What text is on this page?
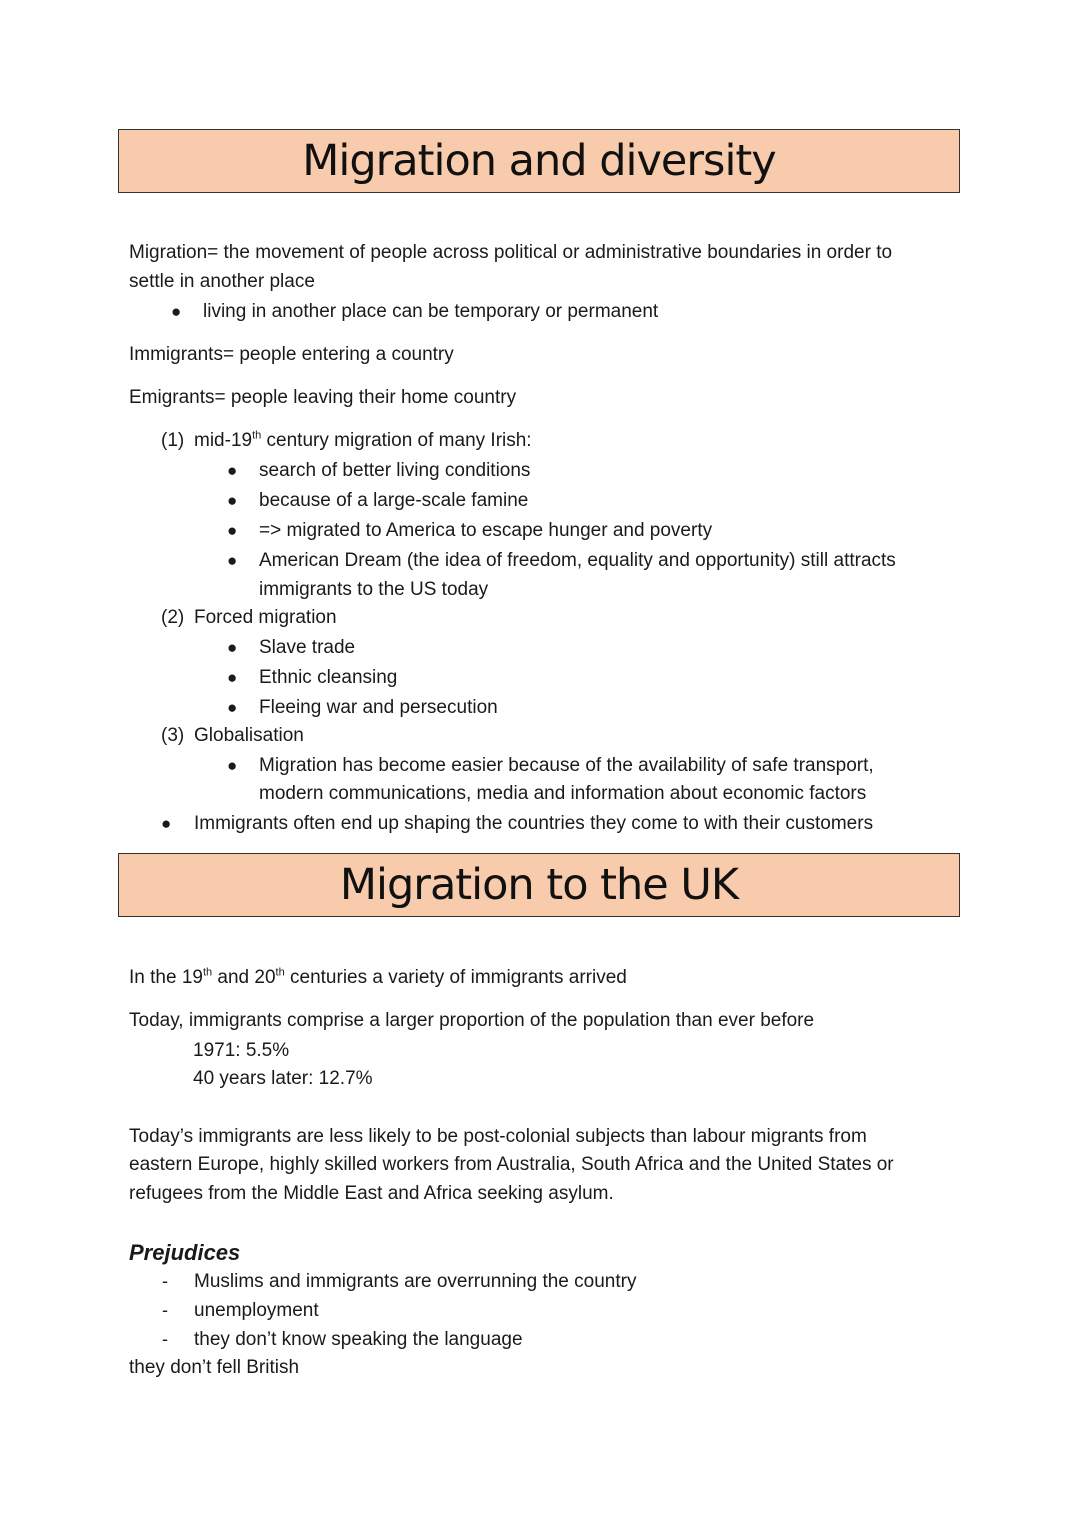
Migration and diversity
Migration= the movement of people across political or administrative boundaries in order to
settle in another place
● living in another place can be temporary or permanent
Immigrants= people entering a country
Emigrants= people leaving their home country
(1) mid-19th century migration of many Irish:
● search of better living conditions
● because of a large-scale famine
● => migrated to America to escape hunger and poverty
● American Dream (the idea of freedom, equality and opportunity) still attracts
immigrants to the US today
(2) Forced migration
● Slave trade
● Ethnic cleansing
● Fleeing war and persecution
(3) Globalisation
● Migration has become easier because of the availability of safe transport,
modern communications, media and information about economic factors
● Immigrants often end up shaping the countries they come to with their customers
Migration to the UK
In the 19th and 20th centuries a variety of immigrants arrived
Today, immigrants comprise a larger proportion of the population than ever before
1971: 5.5%
40 years later: 12.7%
Today’s immigrants are less likely to be post-colonial subjects than labour migrants from
eastern Europe, highly skilled workers from Australia, South Africa and the United States or
refugees from the Middle East and Africa seeking asylum.
Prejudices
- Muslims and immigrants are overrunning the country
- unemployment
- they don’t know speaking the language
they don’t fell British
